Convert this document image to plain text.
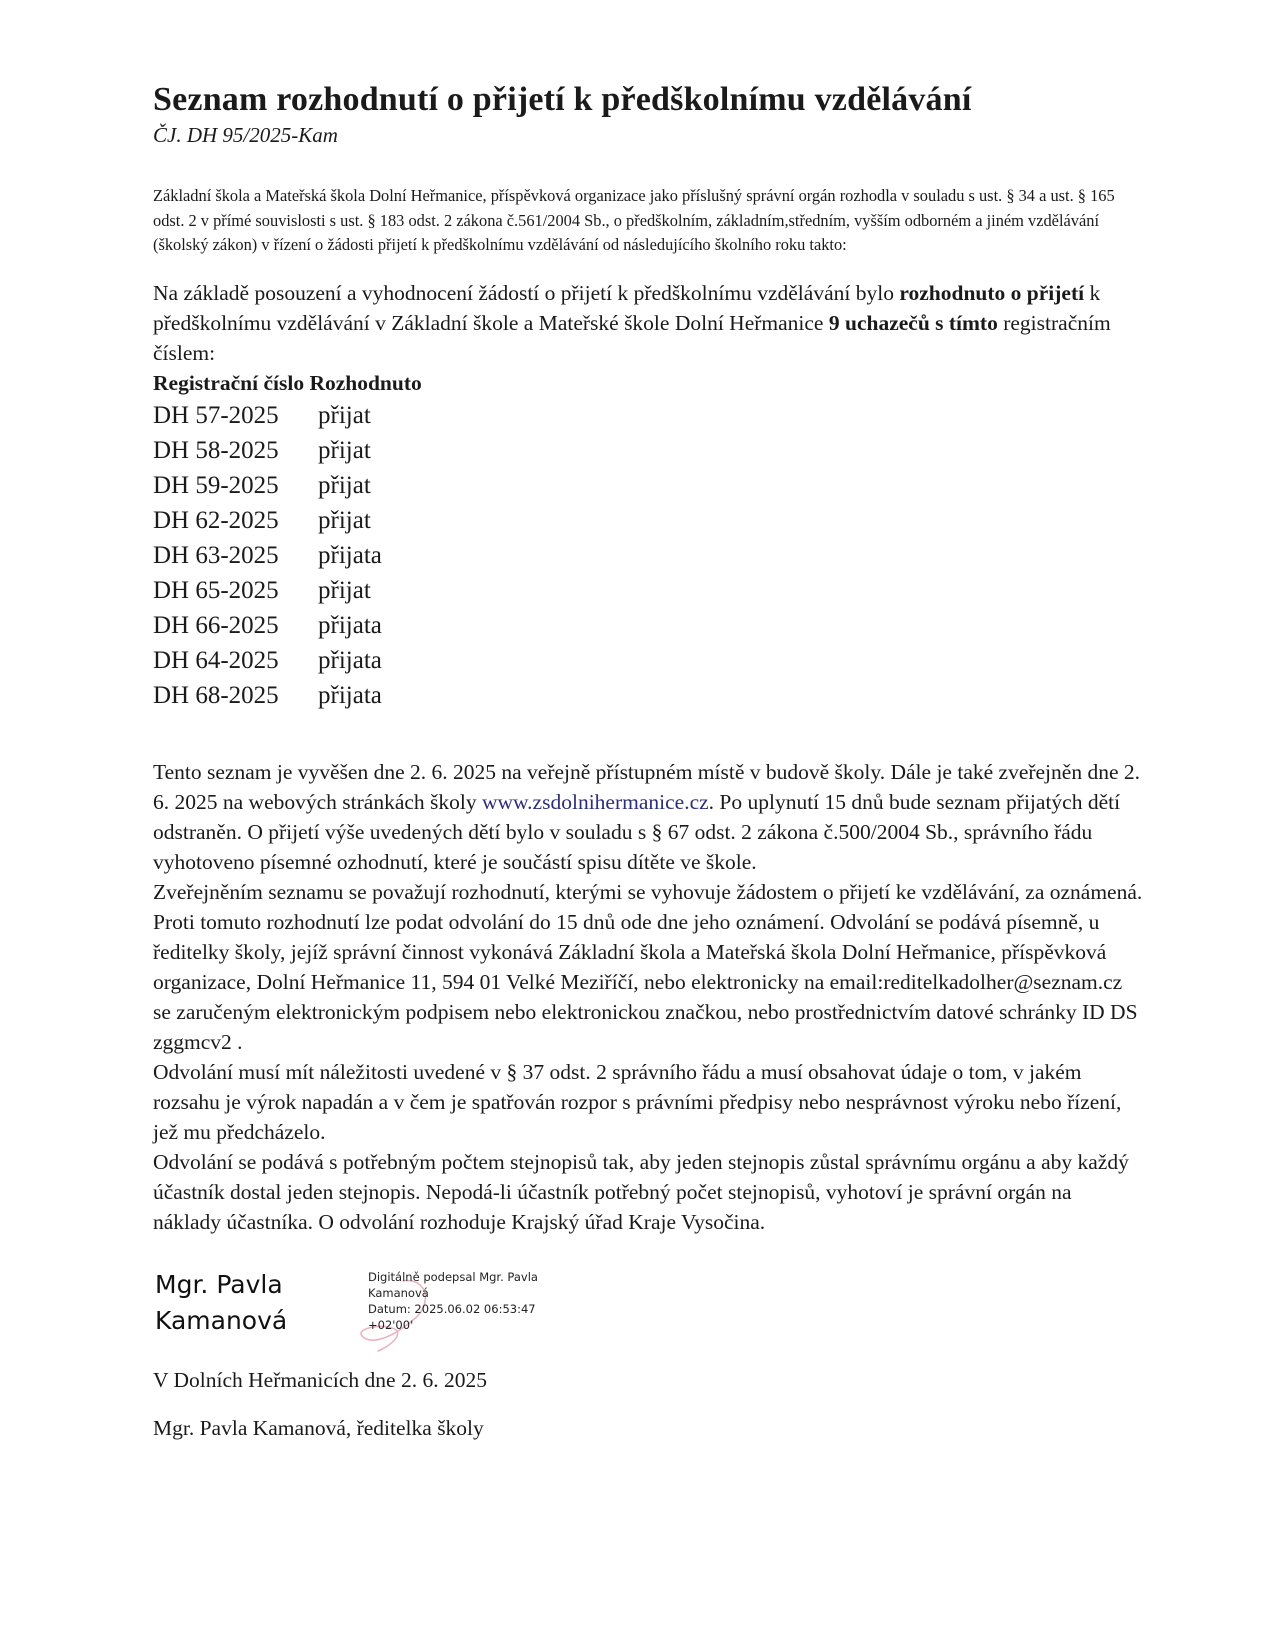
Seznam rozhodnutí o přijetí k předškolnímu vzdělávání
ČJ. DH 95/2025-Kam

Základní škola a Mateřská škola Dolní Heřmanice, příspěvková organizace jako příslušný správní orgán rozhodla v souladu s ust. § 34 a ust. § 165 odst. 2 v přímé souvislosti s ust. § 183 odst. 2 zákona č.561/2004 Sb., o předškolním, základním,středním, vyšším odborném a jiném vzdělávání (školský zákon) v řízení o žádosti přijetí k předškolnímu vzdělávání od následujícího školního roku takto:

Na základě posouzení a vyhodnocení žádostí o přijetí k předškolnímu vzdělávání bylo rozhodnuto o přijetí k předškolnímu vzdělávání v Základní škole a Mateřské škole Dolní Heřmanice 9 uchazečů s tímto registračním číslem:

Registrační číslo Rozhodnuto
DH 57-2025	přijat
DH 58-2025	přijat
DH 59-2025	přijat
DH 62-2025	přijat
DH 63-2025	přijata
DH 65-2025	přijat
DH 66-2025	přijata
DH 64-2025	přijata
DH 68-2025	přijata

Tento seznam je vyvěšen dne 2. 6. 2025 na veřejně přístupném místě v budově školy. Dále je také zveřejněn dne 2. 6. 2025 na webových stránkách školy www.zsdolnihermanice.cz. Po uplynutí 15 dnů bude seznam přijatých dětí odstraněn. O přijetí výše uvedených dětí bylo v souladu s § 67 odst. 2 zákona č.500/2004 Sb., správního řádu vyhotoveno písemné ozhodnutí, které je součástí spisu dítěte ve škole.

Zveřejněním seznamu se považují rozhodnutí, kterými se vyhovuje žádostem o přijetí ke vzdělávání, za oznámená.

Proti tomuto rozhodnutí lze podat odvolání do 15 dnů ode dne jeho oznámení. Odvolání se podává písemně, u ředitelky školy, jejíž správní činnost vykonává Základní škola a Mateřská škola Dolní Heřmanice, příspěvková organizace, Dolní Heřmanice 11, 594 01 Velké Meziříčí, nebo elektronicky na email:reditelkadolher@seznam.cz se zaručeným elektronickým podpisem nebo elektronickou značkou, nebo prostřednictvím datové schránky ID DS zggmcv2 .

Odvolání musí mít náležitosti uvedené v § 37 odst. 2 správního řádu a musí obsahovat údaje o tom, v jakém rozsahu je výrok napadán a v čem je spatřován rozpor s právními předpisy nebo nesprávnost výroku nebo řízení, jež mu předcházelo.

Odvolání se podává s potřebným počtem stejnopisů tak, aby jeden stejnopis zůstal správnímu orgánu a aby každý účastník dostal jeden stejnopis. Nepodá-li účastník potřebný počet stejnopisů, vyhotoví je správní orgán na náklady účastníka. O odvolání rozhoduje Krajský úřad Kraje Vysočina.

Mgr. Pavla Kamanová
Digitálně podepsal Mgr. Pavla Kamanová
Datum: 2025.06.02 06:53:47
+02'00'

V Dolních Heřmanicích dne 2. 6. 2025

Mgr. Pavla Kamanová, ředitelka školy
